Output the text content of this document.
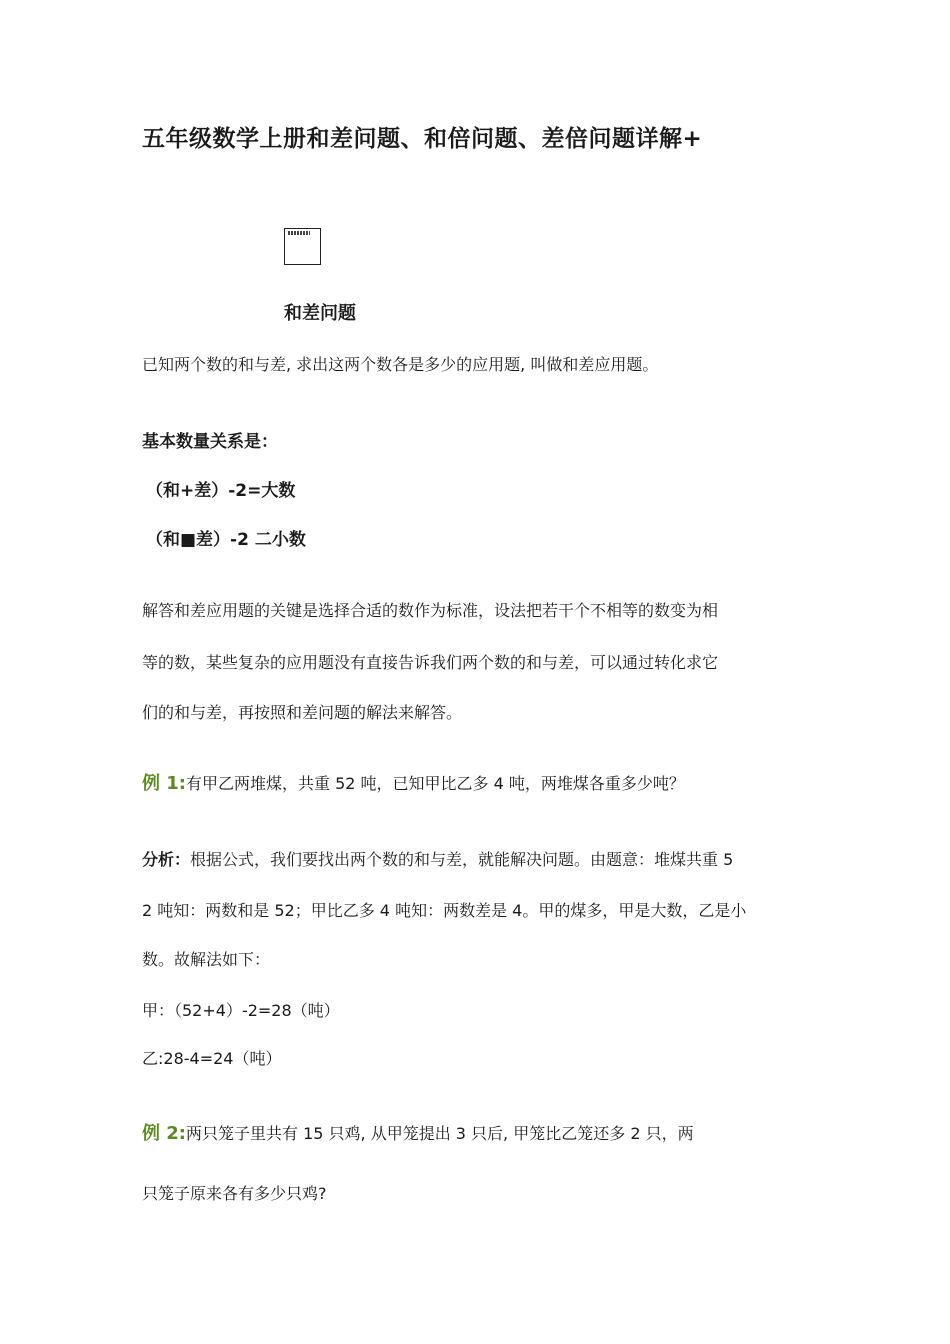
五年级数学上册和差问题、和倍问题、差倍问题详解+
和差问题
已知两个数的和与差, 求出这两个数各是多少的应用题, 叫做和差应用题。
基本数量关系是：
（和+差）-2=大数
（和■差）-2 二小数
解答和差应用题的关键是选择合适的数作为标准，设法把若干个不相等的数变为相
等的数，某些复杂的应用题没有直接告诉我们两个数的和与差，可以通过转化求它
们的和与差，再按照和差问题的解法来解答。
例 1:有甲乙两堆煤，共重 52 吨，已知甲比乙多 4 吨，两堆煤各重多少吨？
分析：根据公式，我们要找出两个数的和与差，就能解决问题。由题意：堆煤共重 5
2 吨知：两数和是 52；甲比乙多 4 吨知：两数差是 4。甲的煤多，甲是大数，乙是小
数。故解法如下：
甲：（52+4）-2=28（吨）
乙:28-4=24（吨）
例 2:两只笼子里共有 15 只鸡, 从甲笼提出 3 只后, 甲笼比乙笼还多 2 只，两
只笼子原来各有多少只鸡?
